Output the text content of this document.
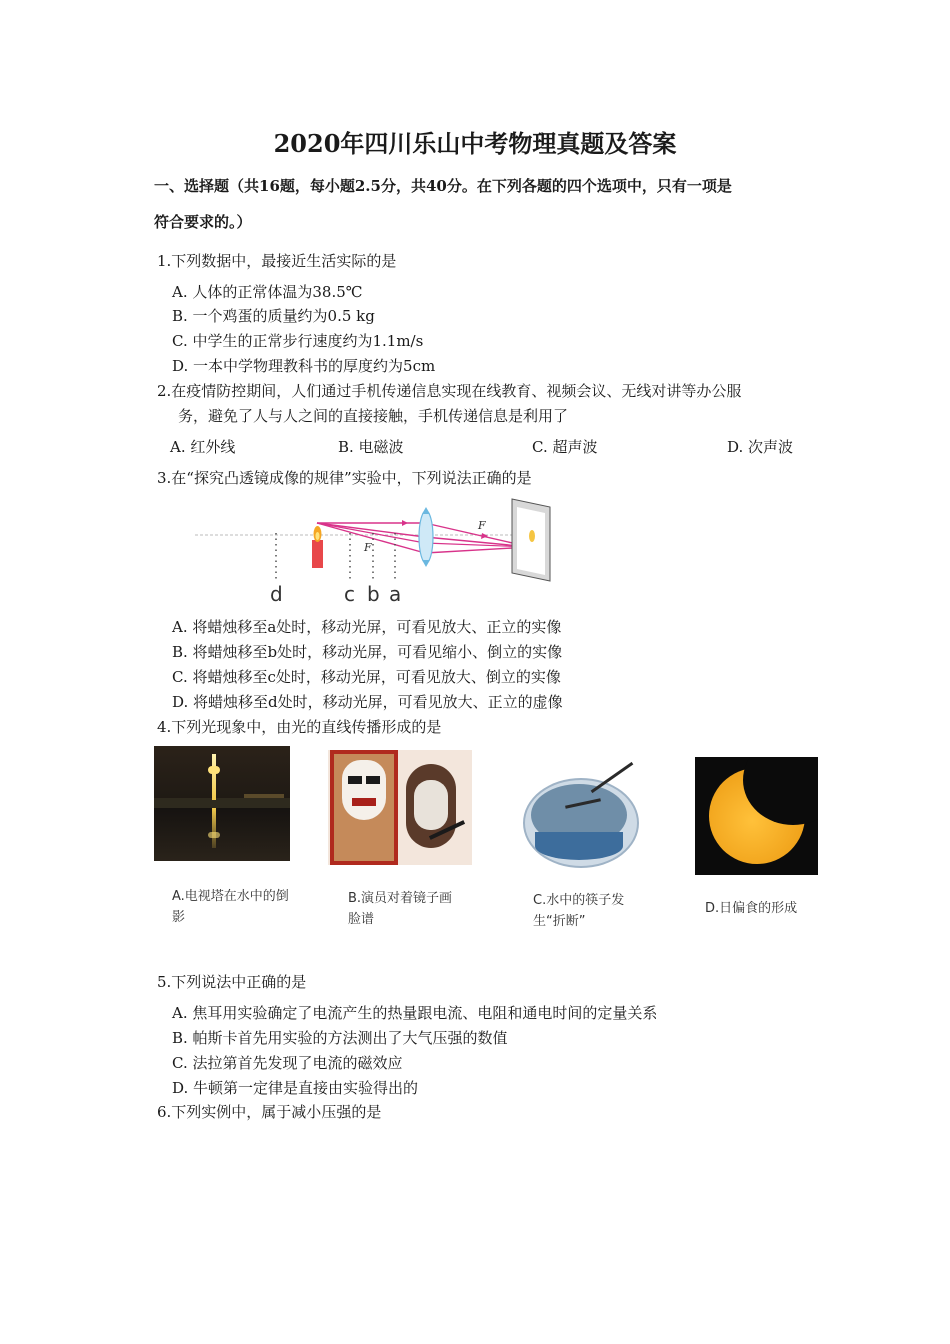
2020年四川乐山中考物理真题及答案
一、选择题（共16题，每小题2.5分，共40分。在下列各题的四个选项中，只有一项是
符合要求的。）
1.下列数据中，最接近生活实际的是
A. 人体的正常体温为38.5℃
B. 一个鸡蛋的质量约为0.5 kg
C. 中学生的正常步行速度约为1.1m/s
D. 一本中学物理教科书的厚度约为5cm
2.在疫情防控期间，人们通过手机传递信息实现在线教育、视频会议、无线对讲等办公服
务，避免了人与人之间的直接接触，手机传递信息是利用了
A. 红外线	B. 电磁波	C. 超声波	D. 次声波
3.在“探究凸透镜成像的规律”实验中，下列说法正确的是
F
F
d	c b a
A. 将蜡烛移至a处时，移动光屏，可看见放大、正立的实像
B. 将蜡烛移至b处时，移动光屏，可看见缩小、倒立的实像
C. 将蜡烛移至c处时，移动光屏，可看见放大、倒立的实像
D. 将蜡烛移至d处时，移动光屏，可看见放大、正立的虚像
4.下列光现象中，由光的直线传播形成的是
A.电视塔在水中的倒影
B.演员对着镜子画脸谱
C.水中的筷子发生“折断”
D.日偏食的形成
5.下列说法中正确的是
A. 焦耳用实验确定了电流产生的热量跟电流、电阻和通电时间的定量关系
B. 帕斯卡首先用实验的方法测出了大气压强的数值
C. 法拉第首先发现了电流的磁效应
D. 牛顿第一定律是直接由实验得出的
6.下列实例中，属于减小压强的是
